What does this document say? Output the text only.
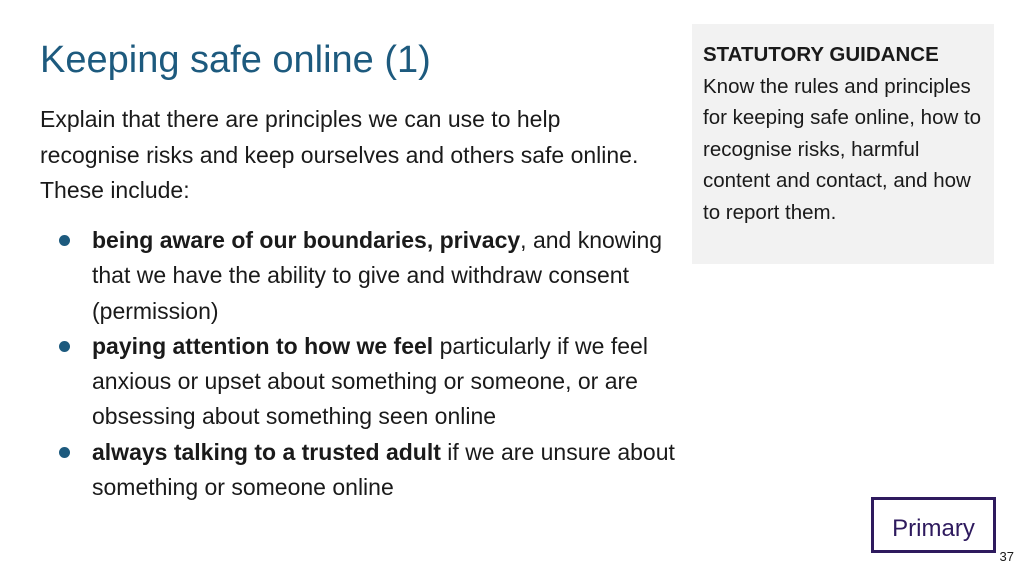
Keeping safe online (1)

Explain that there are principles we can use to help recognise risks and keep ourselves and others safe online. These include:

being aware of our boundaries, privacy, and knowing that we have the ability to give and withdraw consent (permission)
paying attention to how we feel particularly if we feel anxious or upset about something or someone, or are obsessing about something seen online
always talking to a trusted adult if we are unsure about something or someone online
STATUTORY GUIDANCE
Know the rules and principles for keeping safe online, how to recognise risks, harmful content and contact, and how to report them.
Primary
37
